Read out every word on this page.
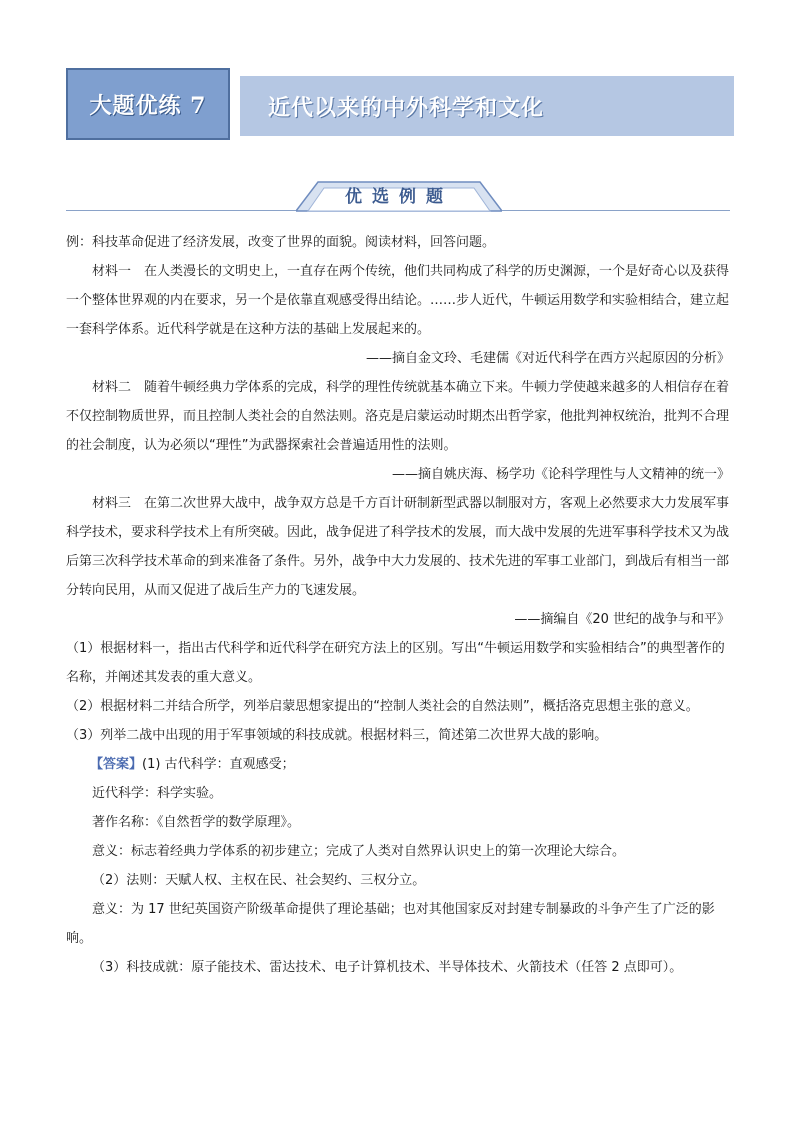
大题优练 7	近代以来的中外科学和文化
优选例题

例：科技革命促进了经济发展，改变了世界的面貌。阅读材料，回答问题。

材料一　在人类漫长的文明史上，一直存在两个传统，他们共同构成了科学的历史渊源，一个是好奇心以及获得一个整体世界观的内在要求，另一个是依靠直观感受得出结论。……步人近代，牛顿运用数学和实验相结合，建立起一套科学体系。近代科学就是在这种方法的基础上发展起来的。

——摘自金文玲、毛建儒《对近代科学在西方兴起原因的分析》

材料二　随着牛顿经典力学体系的完成，科学的理性传统就基本确立下来。牛顿力学使越来越多的人相信存在着不仅控制物质世界，而且控制人类社会的自然法则。洛克是启蒙运动时期杰出哲学家，他批判神权统治，批判不合理的社会制度，认为必须以“理性”为武器探索社会普遍适用性的法则。

——摘自姚庆海、杨学功《论科学理性与人文精神的统一》

材料三　在第二次世界大战中，战争双方总是千方百计研制新型武器以制服对方，客观上必然要求大力发展军事科学技术，要求科学技术上有所突破。因此，战争促进了科学技术的发展，而大战中发展的先进军事科学技术又为战后第三次科学技术革命的到来准备了条件。另外，战争中大力发展的、技术先进的军事工业部门，到战后有相当一部分转向民用，从而又促进了战后生产力的飞速发展。

——摘编自《20 世纪的战争与和平》

（1）根据材料一，指出古代科学和近代科学在研究方法上的区别。写出“牛顿运用数学和实验相结合”的典型著作的名称，并阐述其发表的重大意义。

（2）根据材料二并结合所学，列举启蒙思想家提出的“控制人类社会的自然法则”，概括洛克思想主张的意义。

（3）列举二战中出现的用于军事领域的科技成就。根据材料三，简述第二次世界大战的影响。

【答案】(1) 古代科学：直观感受；

近代科学：科学实验。

著作名称：《自然哲学的数学原理》。

意义：标志着经典力学体系的初步建立；完成了人类对自然界认识史上的第一次理论大综合。

（2）法则：天赋人权、主权在民、社会契约、三权分立。

意义：为 17 世纪英国资产阶级革命提供了理论基础；也对其他国家反对封建专制暴政的斗争产生了广泛的影响。

（3）科技成就：原子能技术、雷达技术、电子计算机技术、半导体技术、火箭技术（任答 2 点即可）。
